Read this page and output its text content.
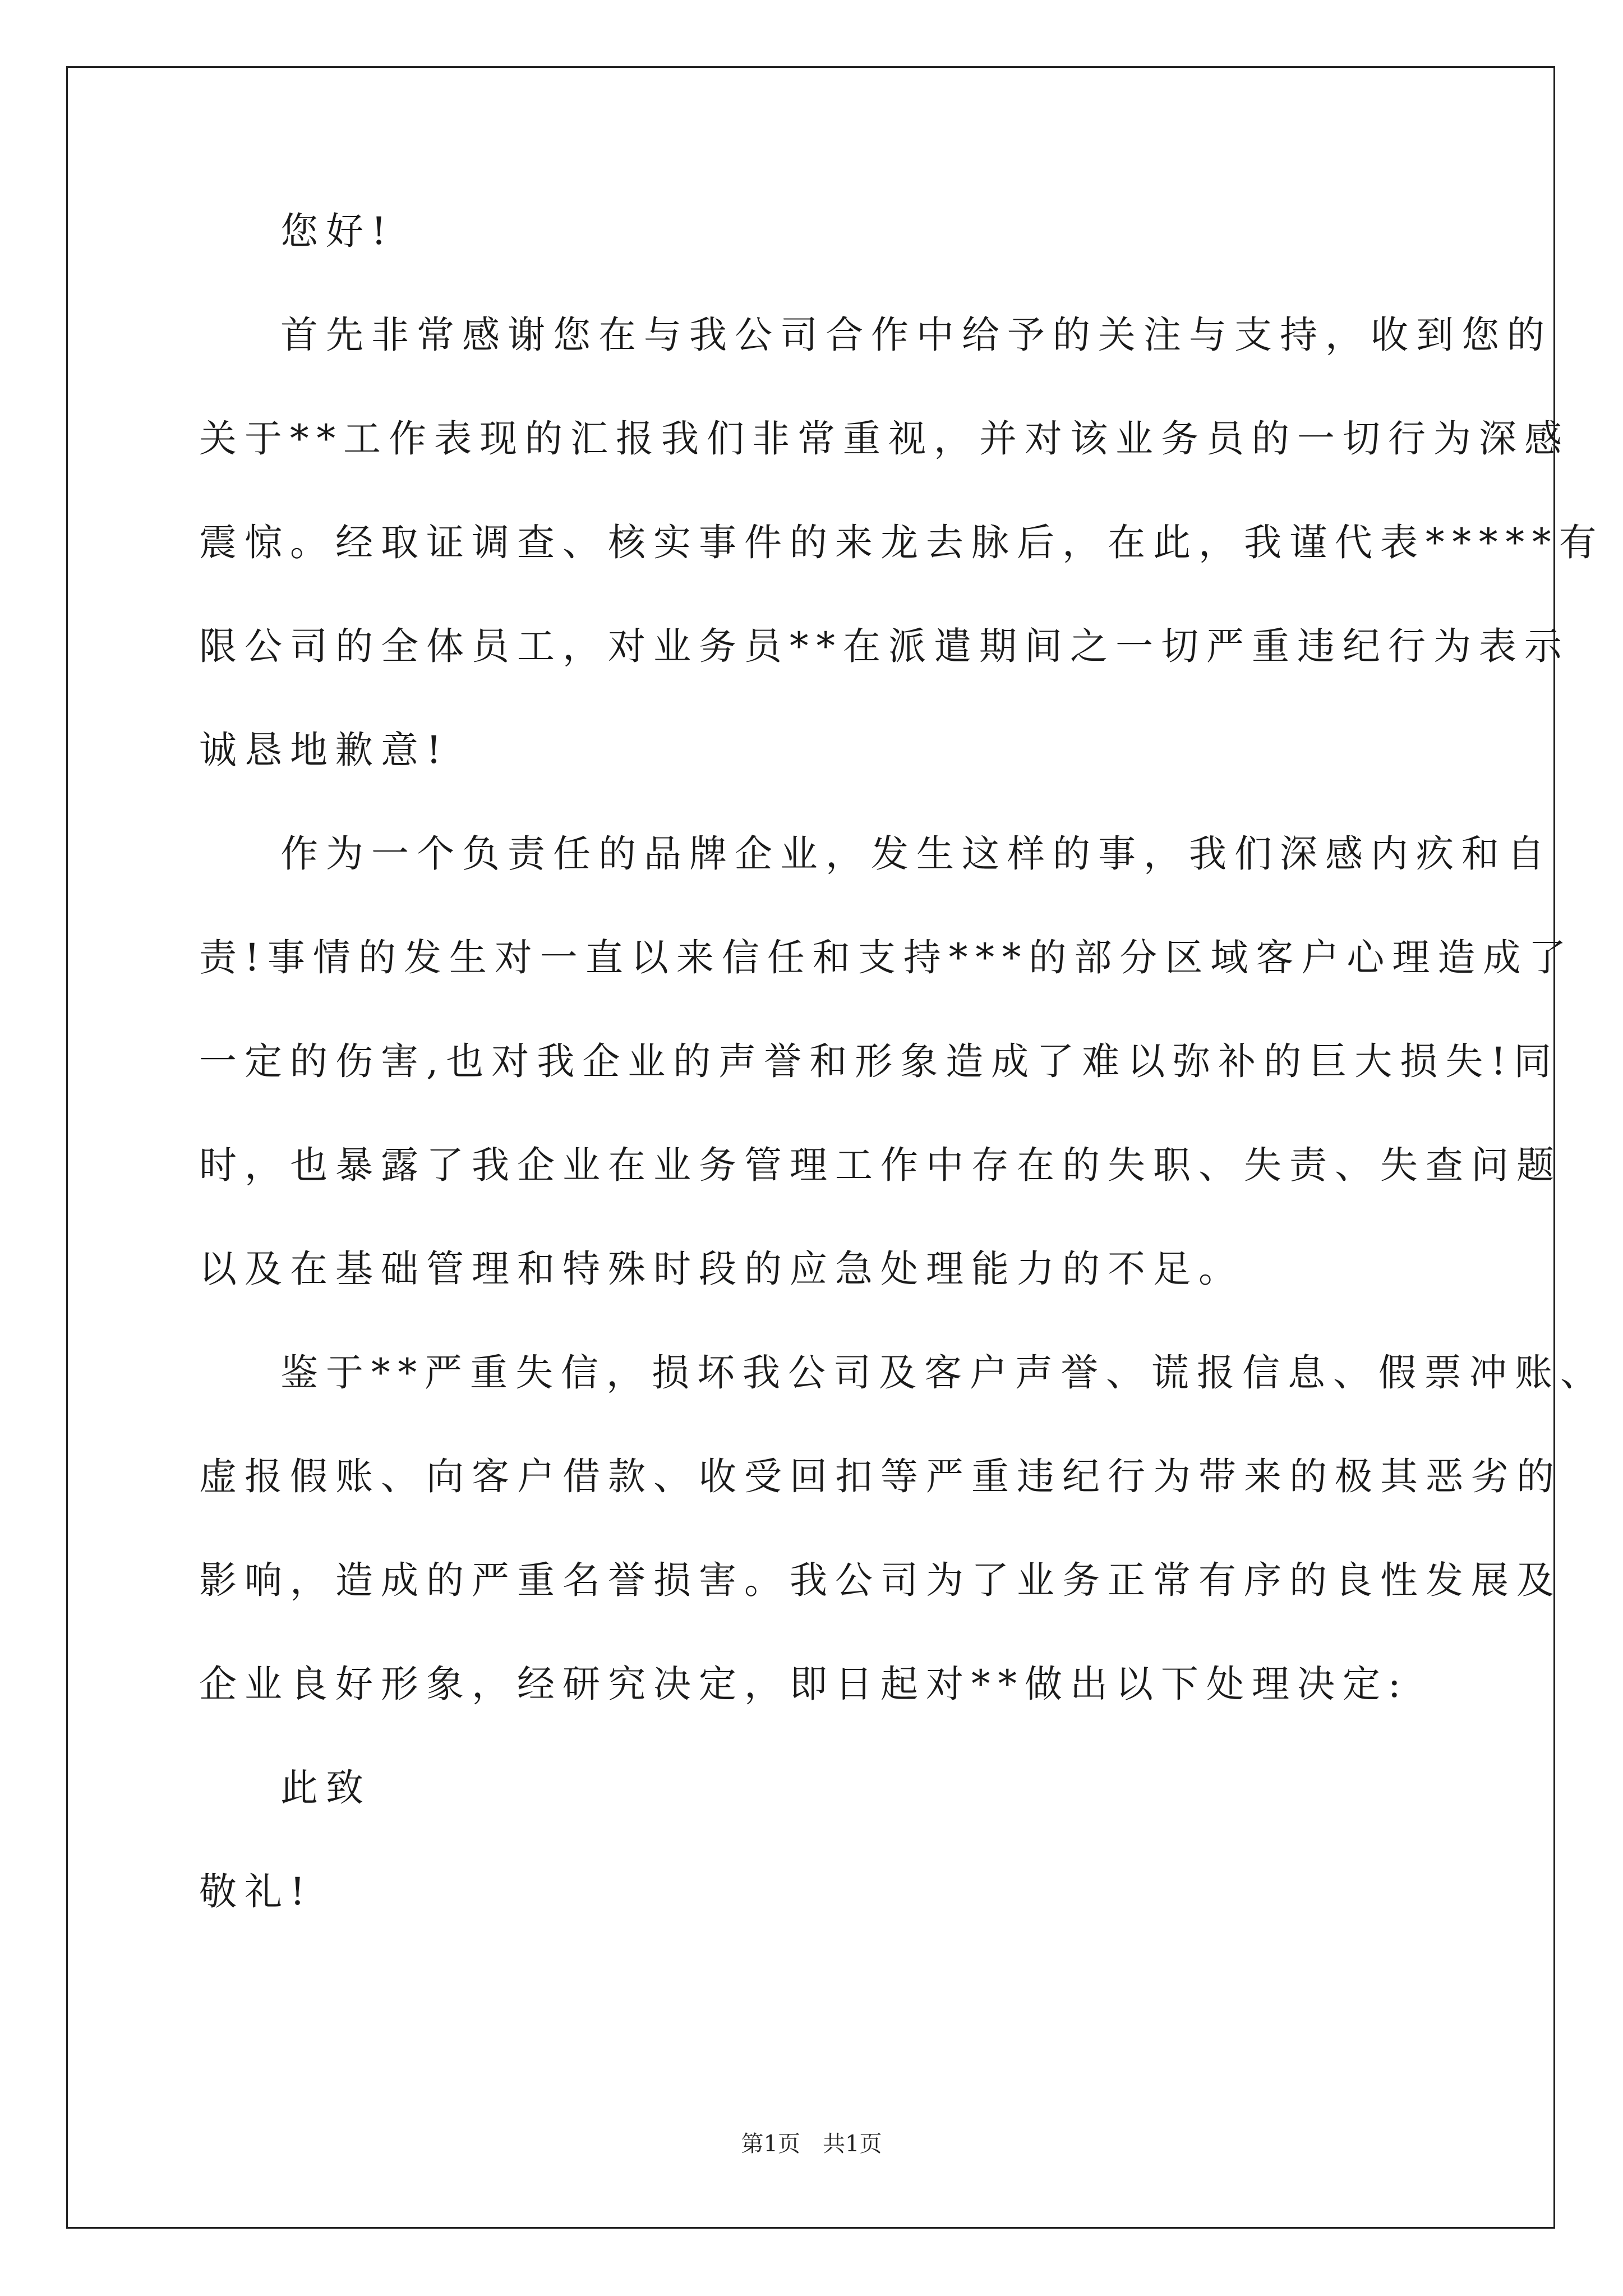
您好!
首先非常感谢您在与我公司合作中给予的关注与支持，收到您的
关于**工作表现的汇报我们非常重视，并对该业务员的一切行为深感
震惊。经取证调查、核实事件的来龙去脉后，在此，我谨代表*****有
限公司的全体员工，对业务员**在派遣期间之一切严重违纪行为表示
诚恳地歉意!
作为一个负责任的品牌企业，发生这样的事，我们深感内疚和自
责!事情的发生对一直以来信任和支持***的部分区域客户心理造成了
一定的伤害,也对我企业的声誉和形象造成了难以弥补的巨大损失!同
时，也暴露了我企业在业务管理工作中存在的失职、失责、失查问题
以及在基础管理和特殊时段的应急处理能力的不足。
鉴于**严重失信，损坏我公司及客户声誉、谎报信息、假票冲账、
虚报假账、向客户借款、收受回扣等严重违纪行为带来的极其恶劣的
影响，造成的严重名誉损害。我公司为了业务正常有序的良性发展及
企业良好形象，经研究决定，即日起对**做出以下处理决定:
此致
敬礼!
第1页　共1页
